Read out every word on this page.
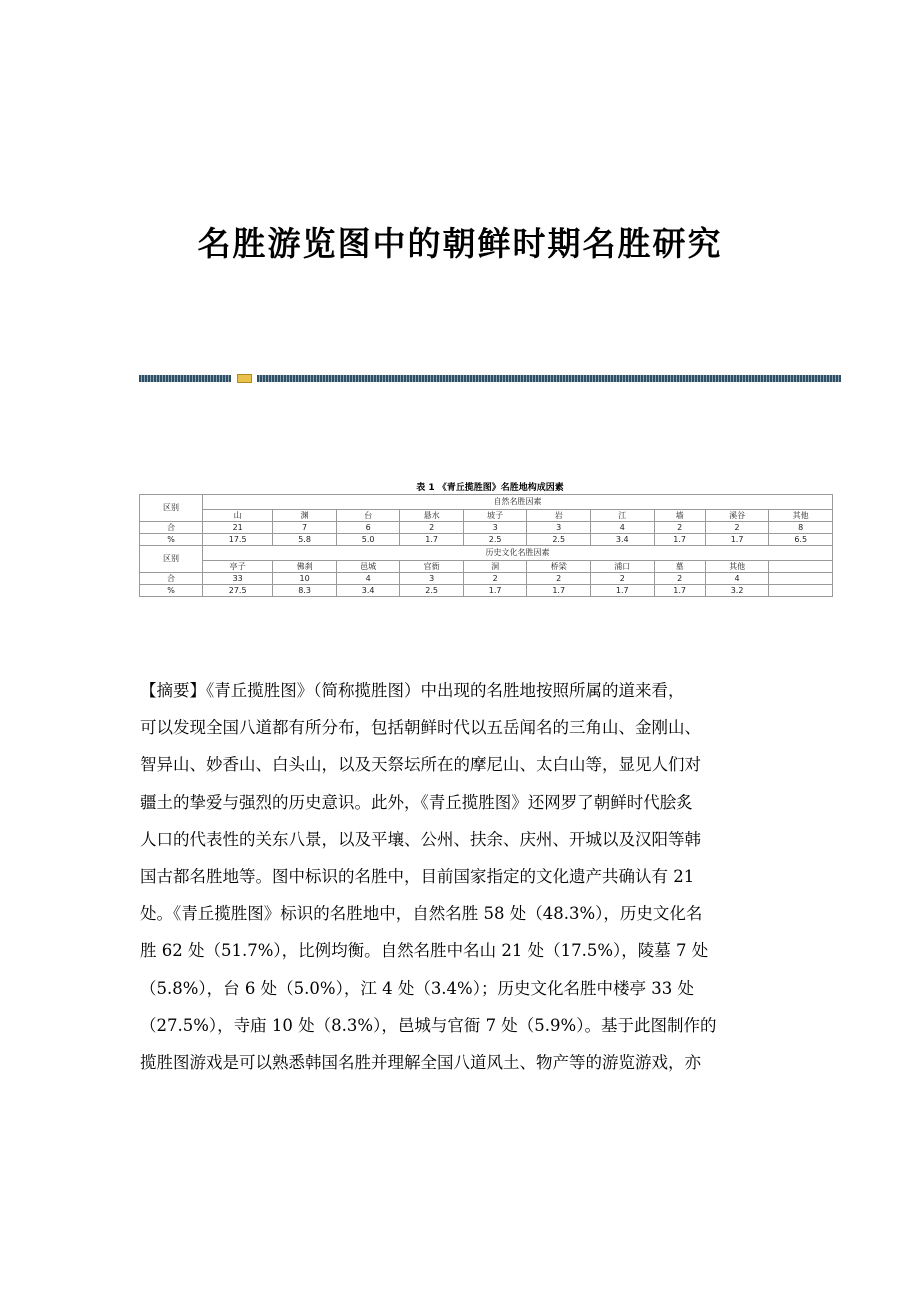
名胜游览图中的朝鲜时期名胜研究
表 1 《青丘揽胜图》名胜地构成因素
区别	自然名胜因素									
	山	渊	台	悬水	坡子	岩	江	墙	溪谷	其他
合	21	7	6	2	3	3	4	2	2	8
%	17.5	5.8	5.0	1.7	2.5	2.5	3.4	1.7	1.7	6.5
区别	历史文化名胜因素									
	亭子	佛刹	邑城	官衙	洞	桥梁	浦口	墓	其他	
合	33	10	4	3	2	2	2	2	4	
%	27.5	8.3	3.4	2.5	1.7	1.7	1.7	1.7	3.2	

【摘要】《青丘揽胜图》（简称揽胜图）中出现的名胜地按照所属的道来看，

可以发现全国八道都有所分布，包括朝鲜时代以五岳闻名的三角山、金刚山、

智异山、妙香山、白头山，以及天祭坛所在的摩尼山、太白山等，显见人们对

疆土的挚爱与强烈的历史意识。此外，《青丘揽胜图》还网罗了朝鲜时代脍炙

人口的代表性的关东八景，以及平壤、公州、扶余、庆州、开城以及汉阳等韩

国古都名胜地等。图中标识的名胜中，目前国家指定的文化遗产共确认有 21

处。《青丘揽胜图》标识的名胜地中，自然名胜 58 处（48.3%），历史文化名

胜 62 处（51.7%），比例均衡。自然名胜中名山 21 处（17.5%），陵墓 7 处

（5.8%），台 6 处（5.0%），江 4 处（3.4%）；历史文化名胜中楼亭 33 处

（27.5%），寺庙 10 处（8.3%），邑城与官衙 7 处（5.9%）。基于此图制作的

揽胜图游戏是可以熟悉韩国名胜并理解全国八道风土、物产等的游览游戏，亦
